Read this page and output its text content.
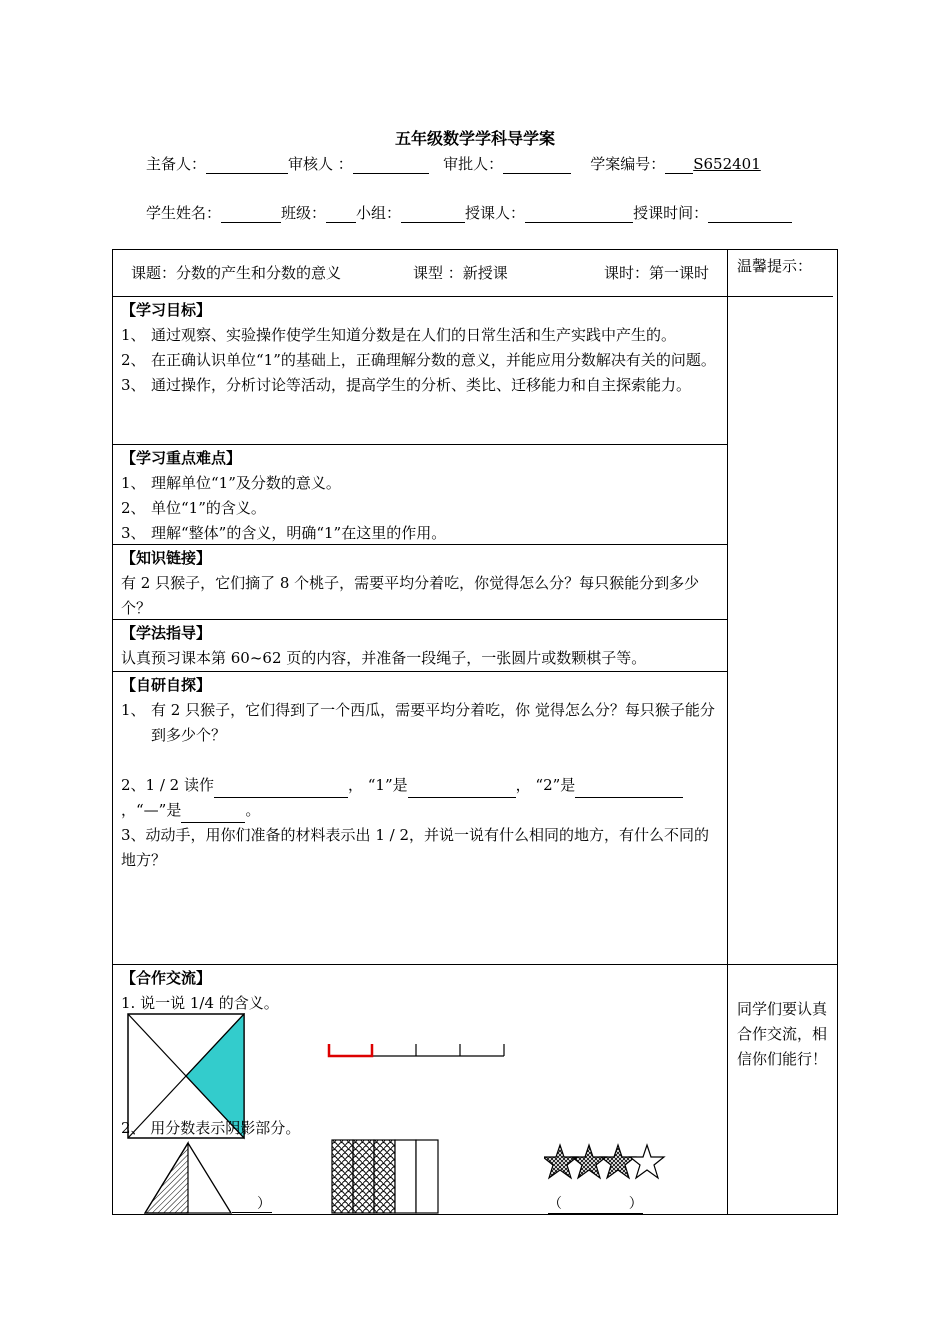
五年级数学学科导学案
主备人：	审核人 ：	审批人：	学案编号： S652401
学生姓名：	班级： 小组：	授课人：	授课时间：
课题：分数的产生和分数的意义	课型 ：新授课	课时：第一课时 温馨提示：
同学们要认真合作交流，相信你们能行！
【学习目标】
1、 通过观察、实验操作使学生知道分数是在人们的日常生活和生产实践中产生的。
2、 在正确认识单位“1”的基础上，正确理解分数的意义，并能应用分数解决有关的问题。
3、 通过操作，分析讨论等活动，提高学生的分析、类比、迁移能力和自主探索能力。
【学习重点难点】
1、 理解单位“1”及分数的意义。
2、 单位“1”的含义。
3、 理解“整体”的含义，明确“1”在这里的作用。
【知识链接】
有 2 只猴子，它们摘了 8 个桃子，需要平均分着吃，你觉得怎么分？每只猴能分到多少个？
【学法指导】
认真预习课本第 60~62 页的内容，并准备一段绳子，一张圆片或数颗棋子等。
【自研自探】
1、 有 2 只猴子，它们得到了一个西瓜，需要平均分着吃，你 觉得怎么分？每只猴子能分到多少个？
2、1 / 2 读作	， “1”是	， “2”是
，“—”是	。
3、动动手，用你们准备的材料表示出 1 / 2，并说一说有什么相同的地方，有什么不同的地方？
【合作交流】
1. 说一说 1/4 的含义。
2、 用分数表示阴影部分。
）	（               ）
